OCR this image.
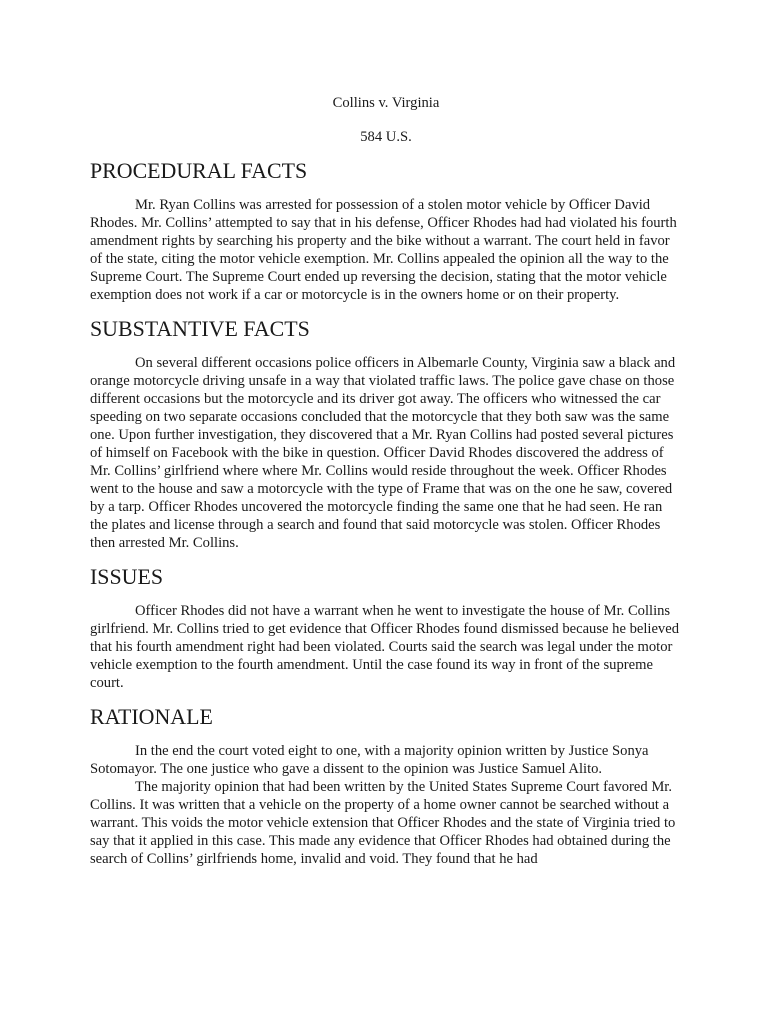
Collins v. Virginia

584 U.S.

PROCEDURAL FACTS

Mr. Ryan Collins was arrested for possession of a stolen motor vehicle by Officer David Rhodes. Mr. Collins’ attempted to say that in his defense, Officer Rhodes had had violated his fourth amendment rights by searching his property and the bike without a warrant. The court held in favor of the state, citing the motor vehicle exemption. Mr. Collins appealed the opinion all the way to the Supreme Court. The Supreme Court ended up reversing the decision, stating that the motor vehicle exemption does not work if a car or motorcycle is in the owners home or on their property.

SUBSTANTIVE FACTS

On several different occasions police officers in Albemarle County, Virginia saw a black and orange motorcycle driving unsafe in a way that violated traffic laws. The police gave chase on those different occasions but the motorcycle and its driver got away. The officers who witnessed the car speeding on two separate occasions concluded that the motorcycle that they both saw was the same one. Upon further investigation, they discovered that a Mr. Ryan Collins had posted several pictures of himself on Facebook with the bike in question. Officer David Rhodes discovered the address of Mr. Collins’ girlfriend where where Mr. Collins would reside throughout the week. Officer Rhodes went to the house and saw a motorcycle with the type of Frame that was on the one he saw, covered by a tarp. Officer Rhodes uncovered the motorcycle finding the same one that he had seen. He ran the plates and license through a search and found that said motorcycle was stolen. Officer Rhodes then arrested Mr. Collins.

ISSUES

Officer Rhodes did not have a warrant when he went to investigate the house of Mr. Collins girlfriend. Mr. Collins tried to get evidence that Officer Rhodes found dismissed because he believed that his fourth amendment right had been violated. Courts said the search was legal under the motor vehicle exemption to the fourth amendment. Until the case found its way in front of the supreme court.

RATIONALE

In the end the court voted eight to one, with a majority opinion written by Justice Sonya Sotomayor. The one justice who gave a dissent to the opinion was Justice Samuel Alito.

The majority opinion that had been written by the United States Supreme Court favored Mr. Collins. It was written that a vehicle on the property of a home owner cannot be searched without a warrant. This voids the motor vehicle extension that Officer Rhodes and the state of Virginia tried to say that it applied in this case. This made any evidence that Officer Rhodes had obtained during the search of Collins’ girlfriends home, invalid and void. They found that he had
